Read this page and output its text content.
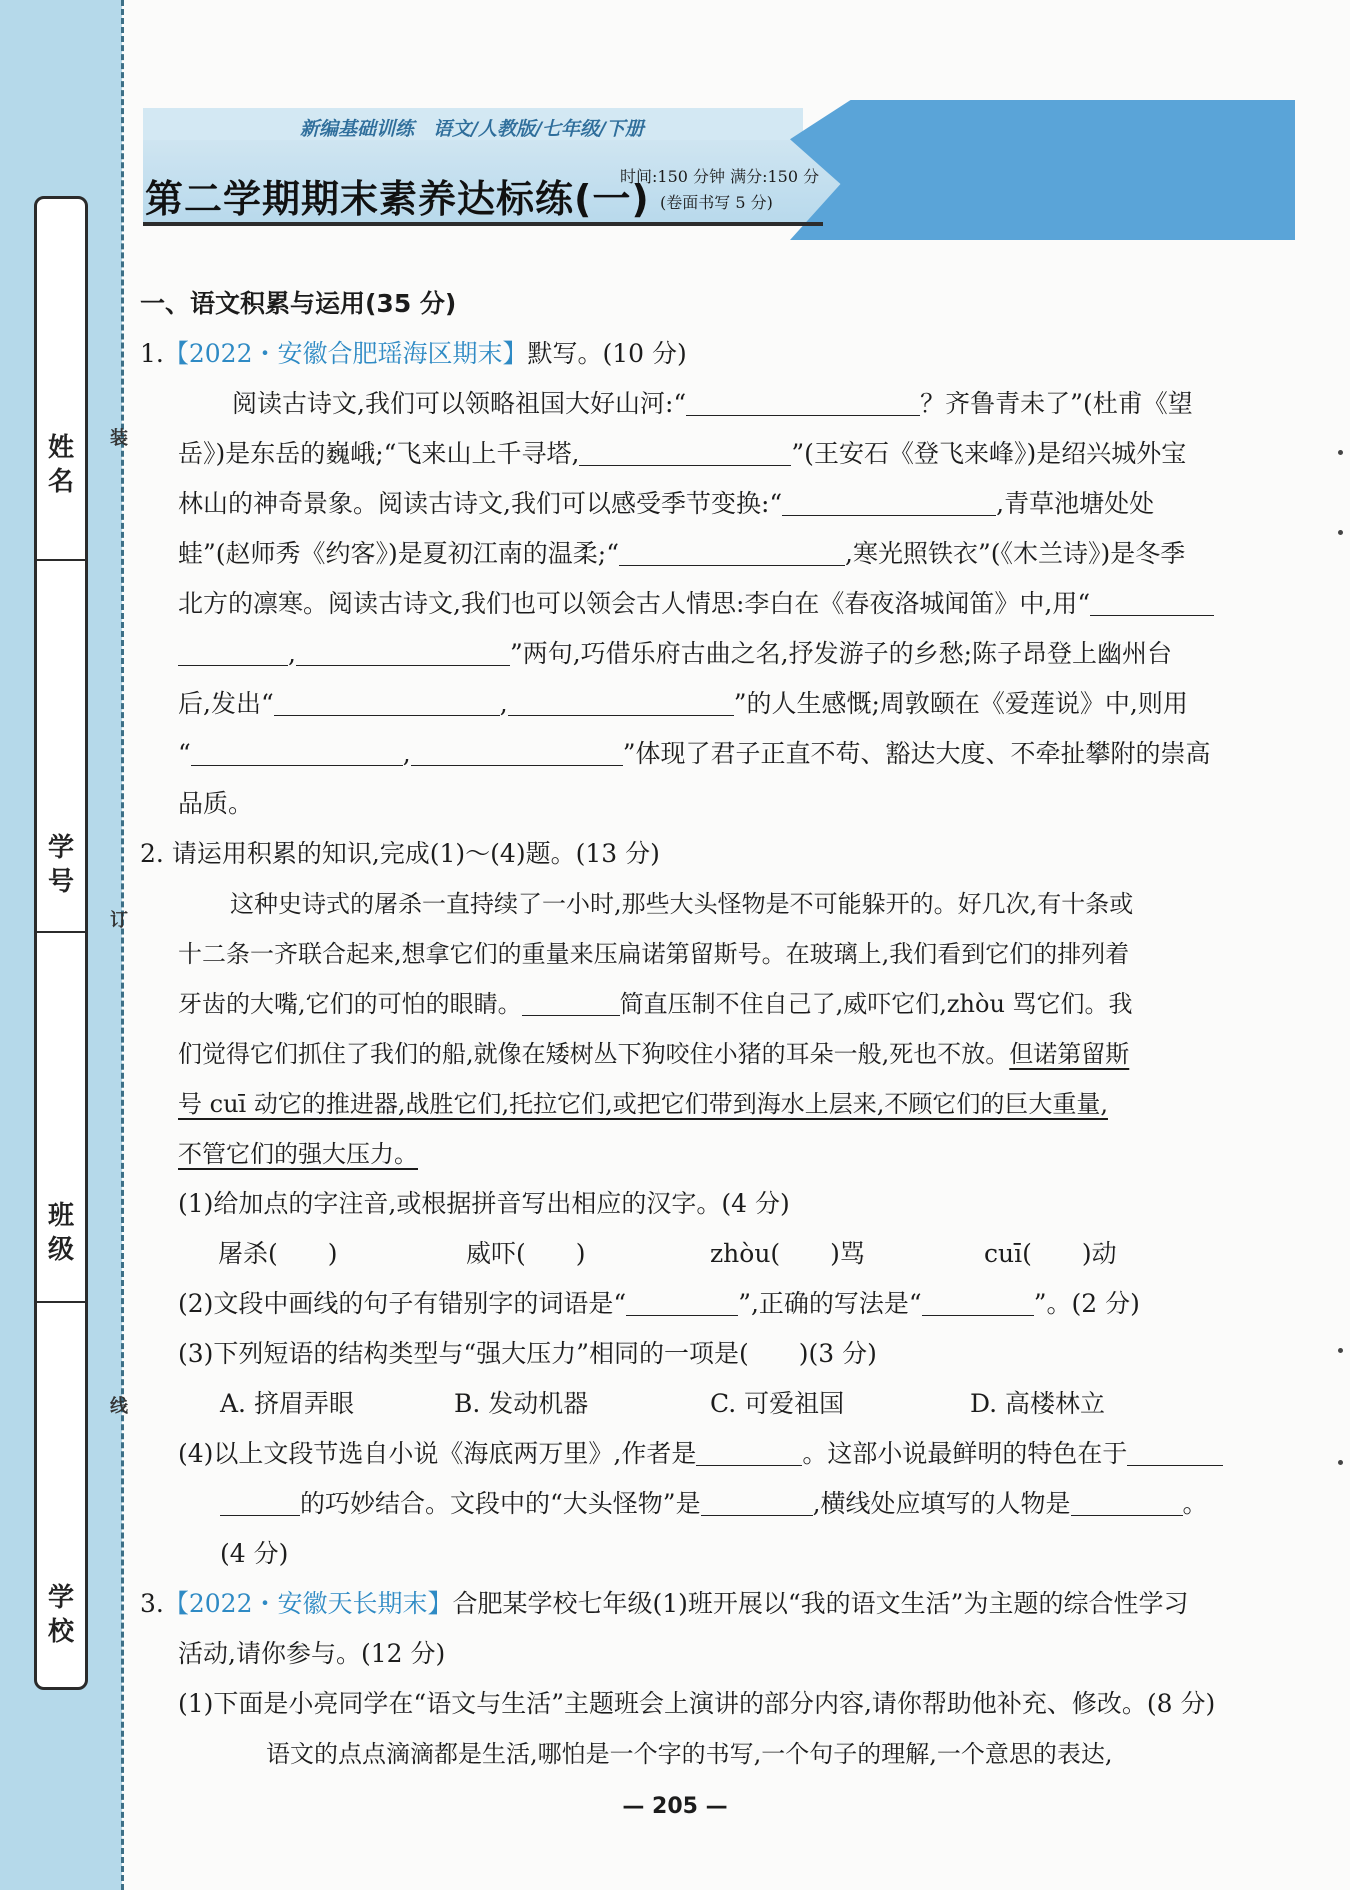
姓名
学号
班级
学校
装
订
线
新编基础训练　语文/人教版/七年级/下册
第二学期期末素养达标练(一)
时间:150 分钟 满分:150 分
(卷面书写 5 分)
一、语文积累与运用(35 分)
1.【2022・安徽合肥瑶海区期末】默写。(10 分)
阅读古诗文,我们可以领略祖国大好山河:“	？齐鲁青未了”(杜甫《望
岳》)是东岳的巍峨;“飞来山上千寻塔,	”(王安石《登飞来峰》)是绍兴城外宝
林山的神奇景象。阅读古诗文,我们可以感受季节变换:“	,青草池塘处处
蛙”(赵师秀《约客》)是夏初江南的温柔;“	,寒光照铁衣”(《木兰诗》)是冬季
北方的凛寒。阅读古诗文,我们也可以领会古人情思:李白在《春夜洛城闻笛》中,用“
,	”两句,巧借乐府古曲之名,抒发游子的乡愁;陈子昂登上幽州台
后,发出“	,	”的人生感慨;周敦颐在《爱莲说》中,则用
“	,	”体现了君子正直不苟、豁达大度、不牵扯攀附的崇高
品质。
2. 请运用积累的知识,完成(1)～(4)题。(13 分)
这种史诗式的屠杀一直持续了一小时,那些大头怪物是不可能躲开的。好几次,有十条或
十二条一齐联合起来,想拿它们的重量来压扁诺第留斯号。在玻璃上,我们看到它们的排列着
牙齿的大嘴,它们的可怕的眼睛。	简直压制不住自己了,威吓它们,zhòu 骂它们。我
们觉得它们抓住了我们的船,就像在矮树丛下狗咬住小猪的耳朵一般,死也不放。但诺第留斯
号 cuī 动它的推进器,战胜它们,托拉它们,或把它们带到海水上层来,不顾它们的巨大重量,
不管它们的强大压力。
(1)给加点的字注音,或根据拼音写出相应的汉字。(4 分)
屠杀(　　)	威吓(　　)	zhòu(　　)骂	cuī(　　)动
(2)文段中画线的句子有错别字的词语是“	”,正确的写法是“	”。(2 分)
(3)下列短语的结构类型与“强大压力”相同的一项是(　　)(3 分)
A. 挤眉弄眼	B. 发动机器	C. 可爱祖国	D. 高楼林立
(4)以上文段节选自小说《海底两万里》,作者是	。这部小说最鲜明的特色在于
的巧妙结合。文段中的“大头怪物”是	,横线处应填写的人物是	。
(4 分)
3.【2022・安徽天长期末】合肥某学校七年级(1)班开展以“我的语文生活”为主题的综合性学习
活动,请你参与。(12 分)
(1)下面是小亮同学在“语文与生活”主题班会上演讲的部分内容,请你帮助他补充、修改。(8 分)
语文的点点滴滴都是生活,哪怕是一个字的书写,一个句子的理解,一个意思的表达,
— 205 —
